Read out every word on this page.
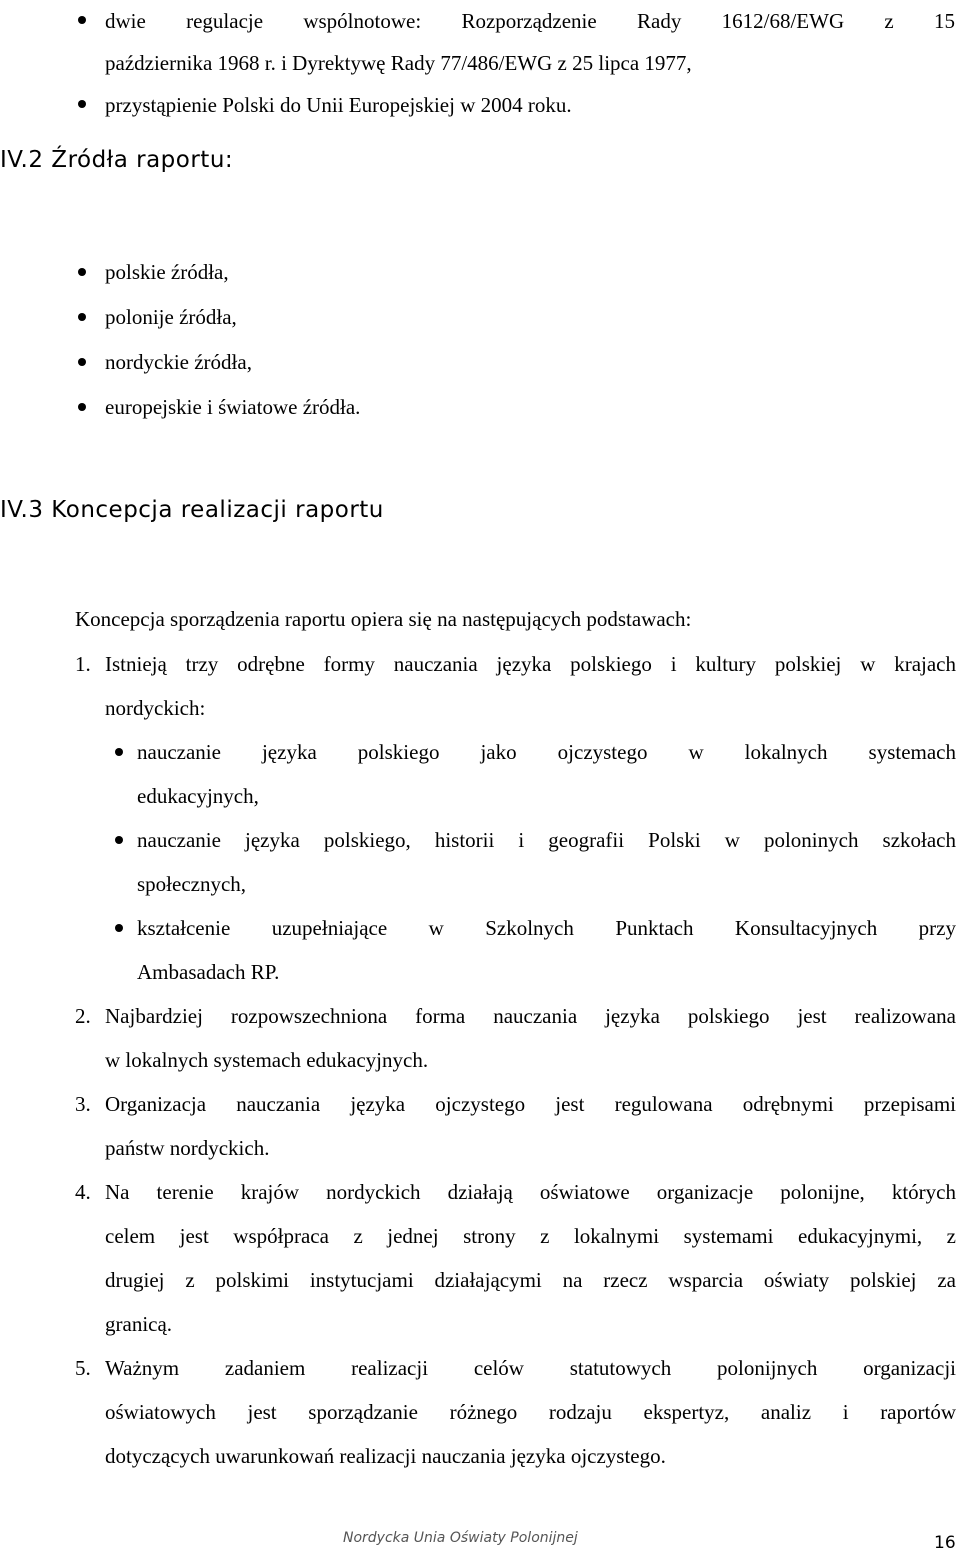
dwie regulacje wspólnotowe: Rozporządzenie Rady 1612/68/EWG z 15
października 1968 r. i Dyrektywę Rady 77/486/EWG z 25 lipca 1977,
przystąpienie Polski do Unii Europejskiej w 2004 roku.
IV.2 Źródła raportu:
polskie źródła,
polonije źródła,
nordyckie źródła,
europejskie i światowe źródła.
IV.3 Koncepcja realizacji raportu
Koncepcja sporządzenia raportu opiera się na następujących podstawach:
1. Istnieją trzy odrębne formy nauczania języka polskiego i kultury polskiej w krajach
nordyckich:
nauczanie języka polskiego jako ojczystego w lokalnych systemach
edukacyjnych,
nauczanie języka polskiego, historii i geografii Polski w poloninych szkołach
społecznych,
kształcenie uzupełniające w Szkolnych Punktach Konsultacyjnych przy
Ambasadach RP.
2. Najbardziej rozpowszechniona forma nauczania języka polskiego jest realizowana
w lokalnych systemach edukacyjnych.
3. Organizacja nauczania języka ojczystego jest regulowana odrębnymi przepisami
państw nordyckich.
4. Na terenie krajów nordyckich działają oświatowe organizacje polonijne, których
celem jest współpraca z jednej strony z lokalnymi systemami edukacyjnymi, z
drugiej z polskimi instytucjami działającymi na rzecz wsparcia oświaty polskiej za
granicą.
5. Ważnym zadaniem realizacji celów statutowych polonijnych organizacji
oświatowych jest sporządzanie różnego rodzaju ekspertyz, analiz i raportów
dotyczących uwarunkowań realizacji nauczania języka ojczystego.
Nordycka Unia Oświaty Polonijnej	16
